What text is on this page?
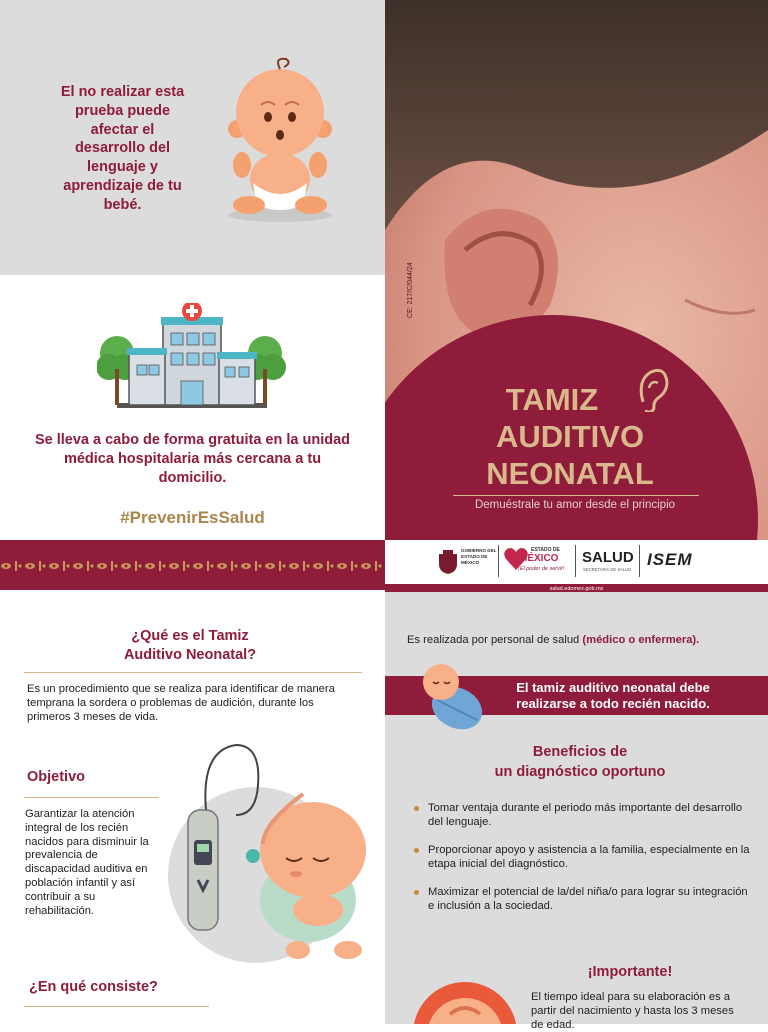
El no realizar esta prueba puede afectar el desarrollo del lenguaje y aprendizaje de tu bebé.
Se lleva a cabo de forma gratuita en la unidad médica hospitalaria más cercana a tu domicilio.
#PrevenirEsSalud
CE: 217/C/044/24
TAMIZ
AUDITIVO
NEONATAL
Demuéstrale tu amor desde el principio
GOBIERNO DEL ESTADO DE MÉXICO
ESTADO DE
MÉXICO
¡El poder de servir!
SALUD
SECRETARÍA DE SALUD
ISEM
salud.edomex.gob.mx
¿Qué es el Tamiz
Auditivo Neonatal?
Es un procedimiento que se realiza para identificar de manera temprana la sordera o problemas de audición, durante los primeros 3 meses de vida.
Objetivo
Garantizar la atención integral de los recién nacidos para disminuir la prevalencia de discapacidad auditiva en población infantil y así contribuir a su rehabilitación.
¿En qué consiste?
Es realizada por personal de salud (médico o enfermera).
El tamiz auditivo neonatal debe
realizarse a todo recién nacido.
Beneficios de
un diagnóstico oportuno
Tomar ventaja durante el periodo más importante del desarrollo del lenguaje.
Proporcionar apoyo y asistencia a la familia, especialmente en la etapa inicial del diagnóstico.
Maximizar el potencial de la/del niña/o para lograr su integración e inclusión a la sociedad.
¡Importante!
El tiempo ideal para su elaboración es a partir del nacimiento y hasta los 3 meses de edad.
